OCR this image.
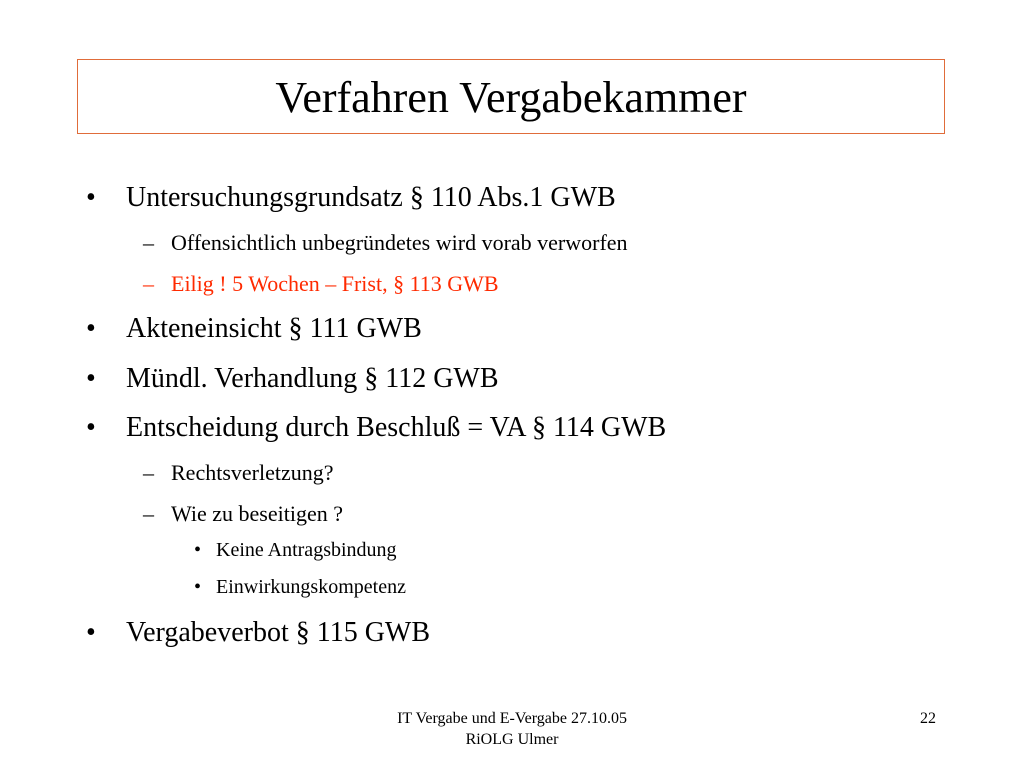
Verfahren Vergabekammer
• Untersuchungsgrundsatz § 110 Abs.1 GWB
– Offensichtlich unbegründetes wird vorab verworfen
– Eilig ! 5 Wochen – Frist, § 113 GWB
• Akteneinsicht § 111 GWB
• Mündl. Verhandlung § 112 GWB
• Entscheidung durch Beschluß = VA § 114 GWB
– Rechtsverletzung?
– Wie zu beseitigen ?
• Keine Antragsbindung
• Einwirkungskompetenz
• Vergabeverbot § 115 GWB
IT Vergabe und E-Vergabe 27.10.05
RiOLG Ulmer
22
